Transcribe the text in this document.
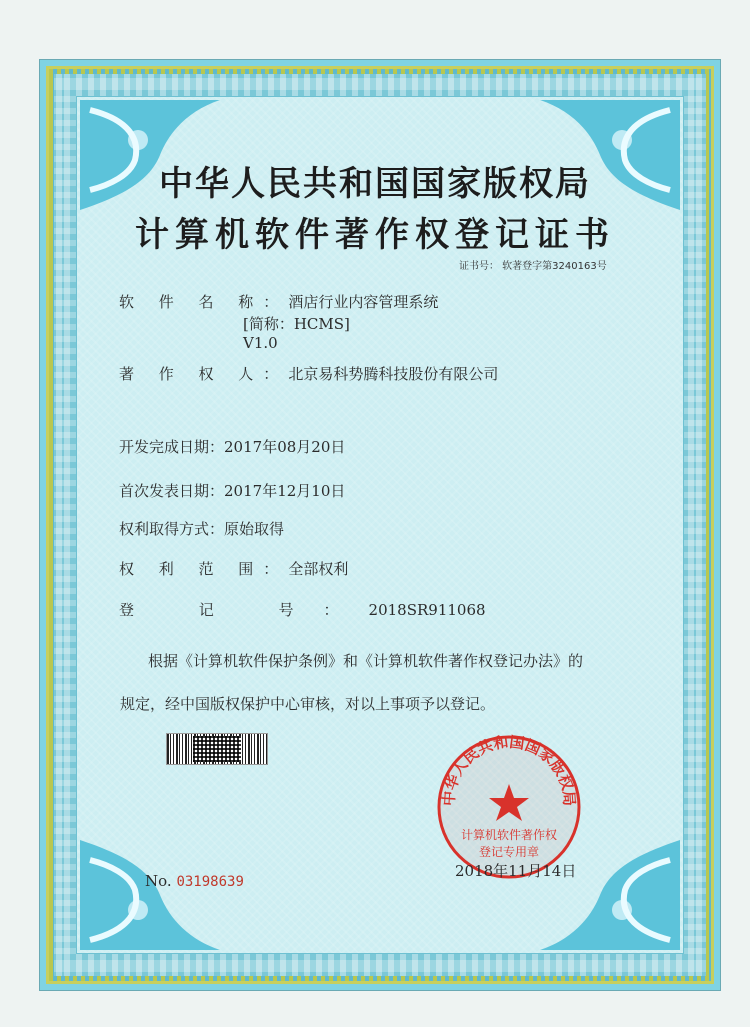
中华人民共和国国家版权局
计算机软件著作权登记证书
证书号： 软著登字第3240163号
软 件 名 称：酒店行业内容管理系统
[简称：HCMS]
V1.0
著 作 权 人：北京易科势腾科技股份有限公司
开发完成日期：2017年08月20日
首次发表日期：2017年12月10日
权利取得方式：原始取得
权 利 范 围：全部权利
登 记 号：2018SR911068
根据《计算机软件保护条例》和《计算机软件著作权登记办法》的
规定，经中国版权保护中心审核，对以上事项予以登记。
中华人民共和国国家版权局
计算机软件著作权
登记专用章
No. 03198639
2018年11月14日
